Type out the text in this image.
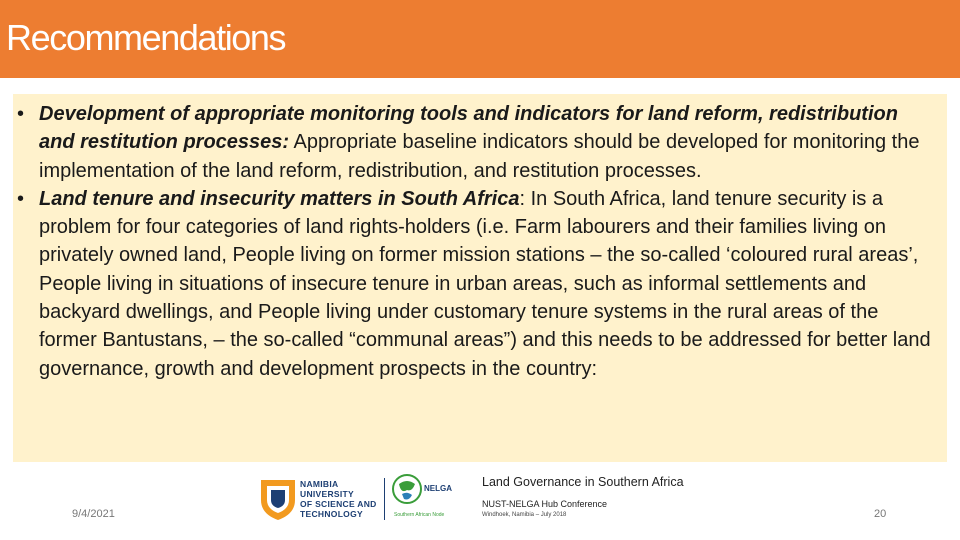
Recommendations
• Development of appropriate monitoring tools and indicators for land reform, redistribution and restitution processes: Appropriate baseline indicators should be developed for monitoring the implementation of the land reform, redistribution, and restitution processes.
• Land tenure and insecurity matters in South Africa: In South Africa, land tenure security is a problem for four categories of land rights-holders (i.e. Farm labourers and their families living on privately owned land, People living on former mission stations – the so-called ‘coloured rural areas’, People living in situations of insecure tenure in urban areas, such as informal settlements and backyard dwellings, and People living under customary tenure systems in the rural areas of the former Bantustans, – the so-called “communal areas”) and this needs to be addressed for better land governance, growth and development prospects in the country:
9/4/2021
NAMIBIA
UNIVERSITY
OF SCIENCE AND
TECHNOLOGY
NELGA
Southern African Node
Land Governance in Southern Africa
NUST-NELGA Hub Conference
Windhoek, Namibia – July 2018	20
